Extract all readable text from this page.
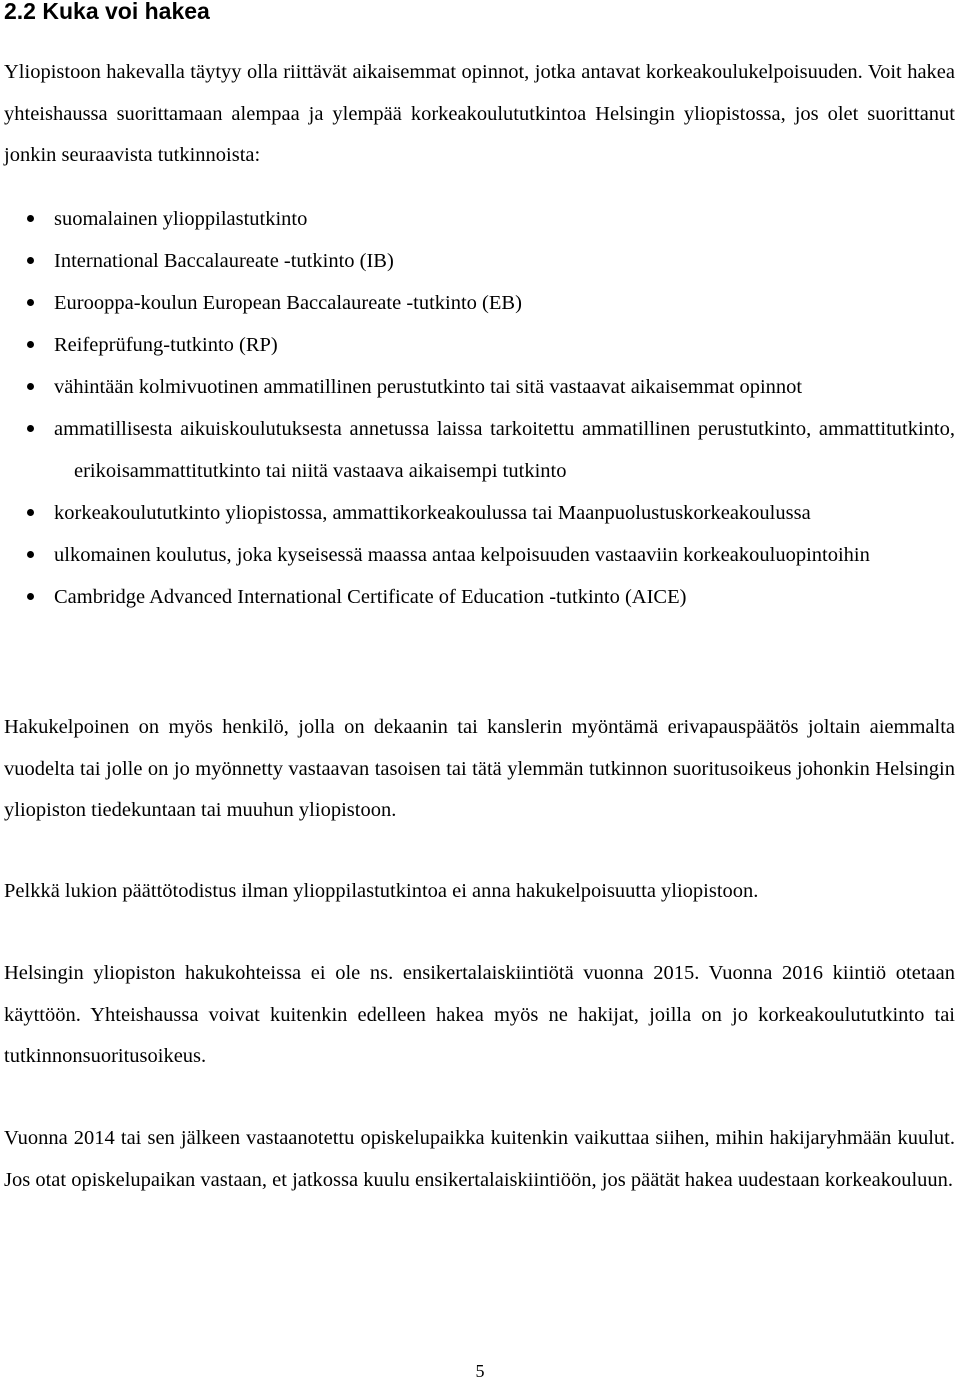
2.2 Kuka voi hakea

Yliopistoon hakevalla täytyy olla riittävät aikaisemmat opinnot, jotka antavat korkeakoulukelpoisuuden. Voit hakea yhteishaussa suorittamaan alempaa ja ylempää korkeakoulututkintoa Helsingin yliopistossa, jos olet suorittanut jonkin seuraavista tutkinnoista:

suomalainen ylioppilastutkinto
International Baccalaureate -tutkinto (IB)
Eurooppa-koulun European Baccalaureate -tutkinto (EB)
Reifeprüfung-tutkinto (RP)
vähintään kolmivuotinen ammatillinen perustutkinto tai sitä vastaavat aikaisemmat opinnot
ammatillisesta aikuiskoulutuksesta annetussa laissa tarkoitettu ammatillinen perustutkinto, ammattitutkinto, erikoisammattitutkinto tai niitä vastaava aikaisempi tutkinto
korkeakoulututkinto yliopistossa, ammattikorkeakoulussa tai Maanpuolustuskorkeakoulussa
ulkomainen koulutus, joka kyseisessä maassa antaa kelpoisuuden vastaaviin korkeakouluopintoihin
Cambridge Advanced International Certificate of Education -tutkinto (AICE)

Hakukelpoinen on myös henkilö, jolla on dekaanin tai kanslerin myöntämä erivapauspäätös joltain aiemmalta vuodelta tai jolle on jo myönnetty vastaavan tasoisen tai tätä ylemmän tutkinnon suoritusoikeus johonkin Helsingin yliopiston tiedekuntaan tai muuhun yliopistoon.

Pelkkä lukion päättötodistus ilman ylioppilastutkintoa ei anna hakukelpoisuutta yliopistoon.

Helsingin yliopiston hakukohteissa ei ole ns. ensikertalaiskiintiötä vuonna 2015. Vuonna 2016 kiintiö otetaan käyttöön. Yhteishaussa voivat kuitenkin edelleen hakea myös ne hakijat, joilla on jo korkeakoulututkinto tai tutkinnonsuoritusoikeus.

Vuonna 2014 tai sen jälkeen vastaanotettu opiskelupaikka kuitenkin vaikuttaa siihen, mihin hakijaryhmään kuulut. Jos otat opiskelupaikan vastaan, et jatkossa kuulu ensikertalaiskiintiöön, jos päätät hakea uudestaan korkeakouluun.

5
